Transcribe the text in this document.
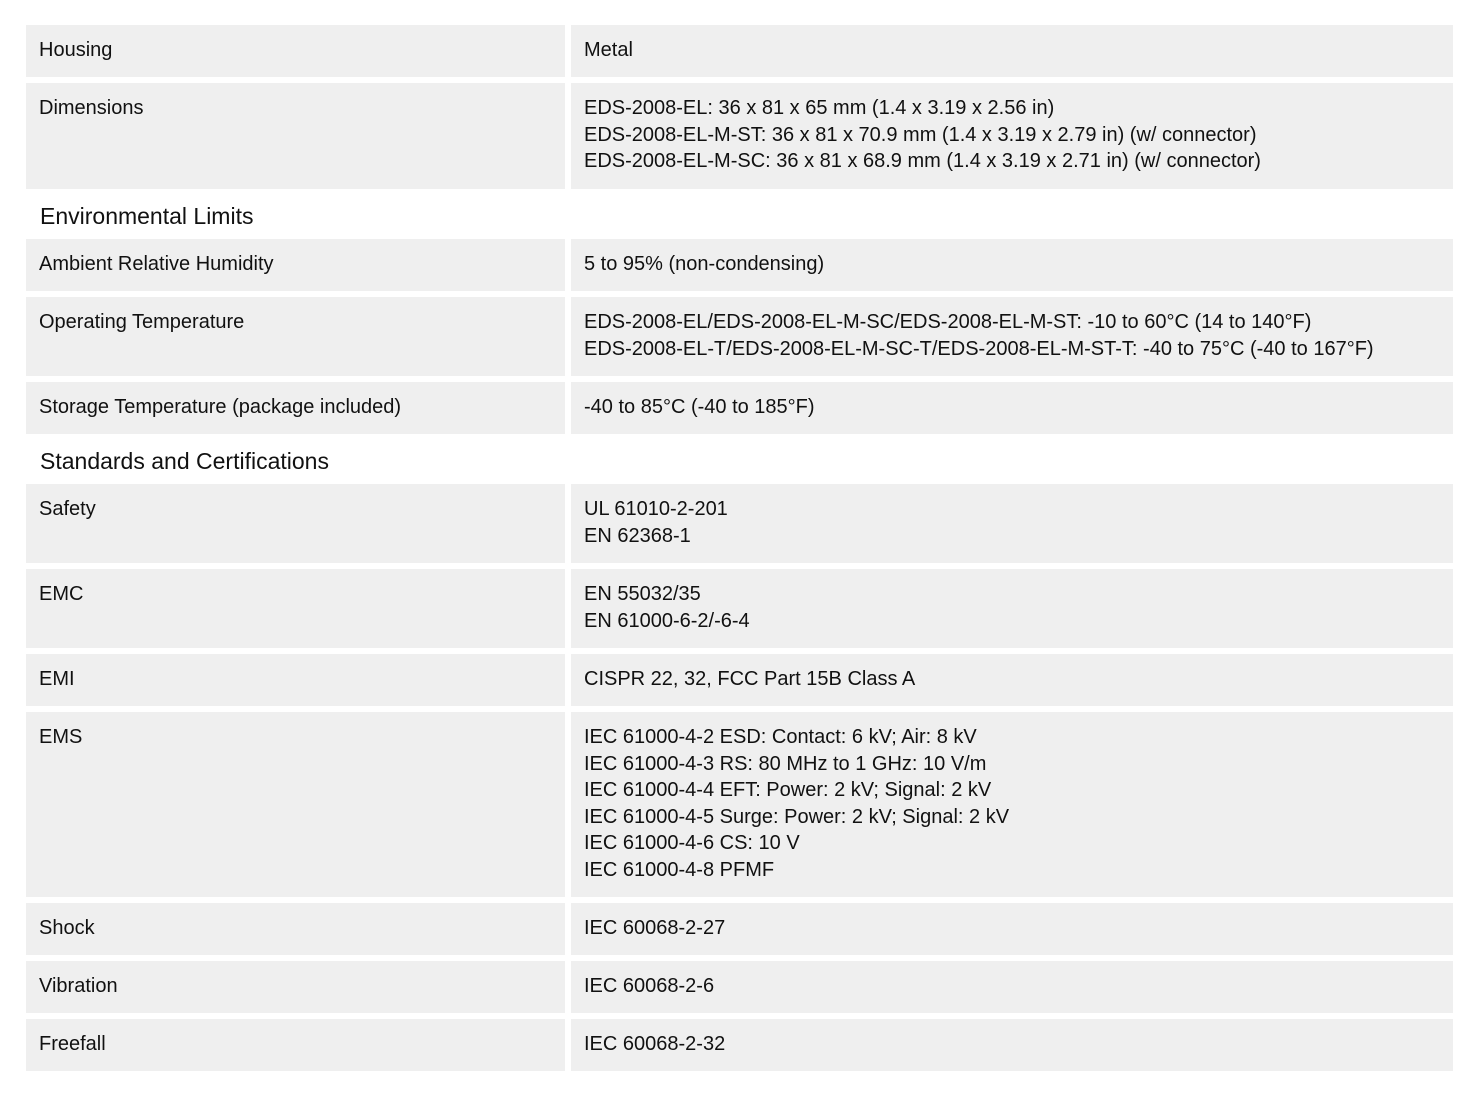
Housing	Metal
Dimensions	EDS-2008-EL: 36 x 81 x 65 mm (1.4 x 3.19 x 2.56 in)
EDS-2008-EL-M-ST: 36 x 81 x 70.9 mm (1.4 x 3.19 x 2.79 in) (w/ connector)
EDS-2008-EL-M-SC: 36 x 81 x 68.9 mm (1.4 x 3.19 x 2.71 in) (w/ connector)
Environmental Limits
Ambient Relative Humidity	5 to 95% (non-condensing)
Operating Temperature	EDS-2008-EL/EDS-2008-EL-M-SC/EDS-2008-EL-M-ST: -10 to 60°C (14 to 140°F)
EDS-2008-EL-T/EDS-2008-EL-M-SC-T/EDS-2008-EL-M-ST-T: -40 to 75°C (-40 to 167°F)
Storage Temperature (package included)	-40 to 85°C (-40 to 185°F)
Standards and Certifications
Safety	UL 61010-2-201
EN 62368-1
EMC	EN 55032/35
EN 61000-6-2/-6-4
EMI	CISPR 22, 32, FCC Part 15B Class A
EMS	IEC 61000-4-2 ESD: Contact: 6 kV; Air: 8 kV
IEC 61000-4-3 RS: 80 MHz to 1 GHz: 10 V/m
IEC 61000-4-4 EFT: Power: 2 kV; Signal: 2 kV
IEC 61000-4-5 Surge: Power: 2 kV; Signal: 2 kV
IEC 61000-4-6 CS: 10 V
IEC 61000-4-8 PFMF
Shock	IEC 60068-2-27
Vibration	IEC 60068-2-6
Freefall	IEC 60068-2-32
